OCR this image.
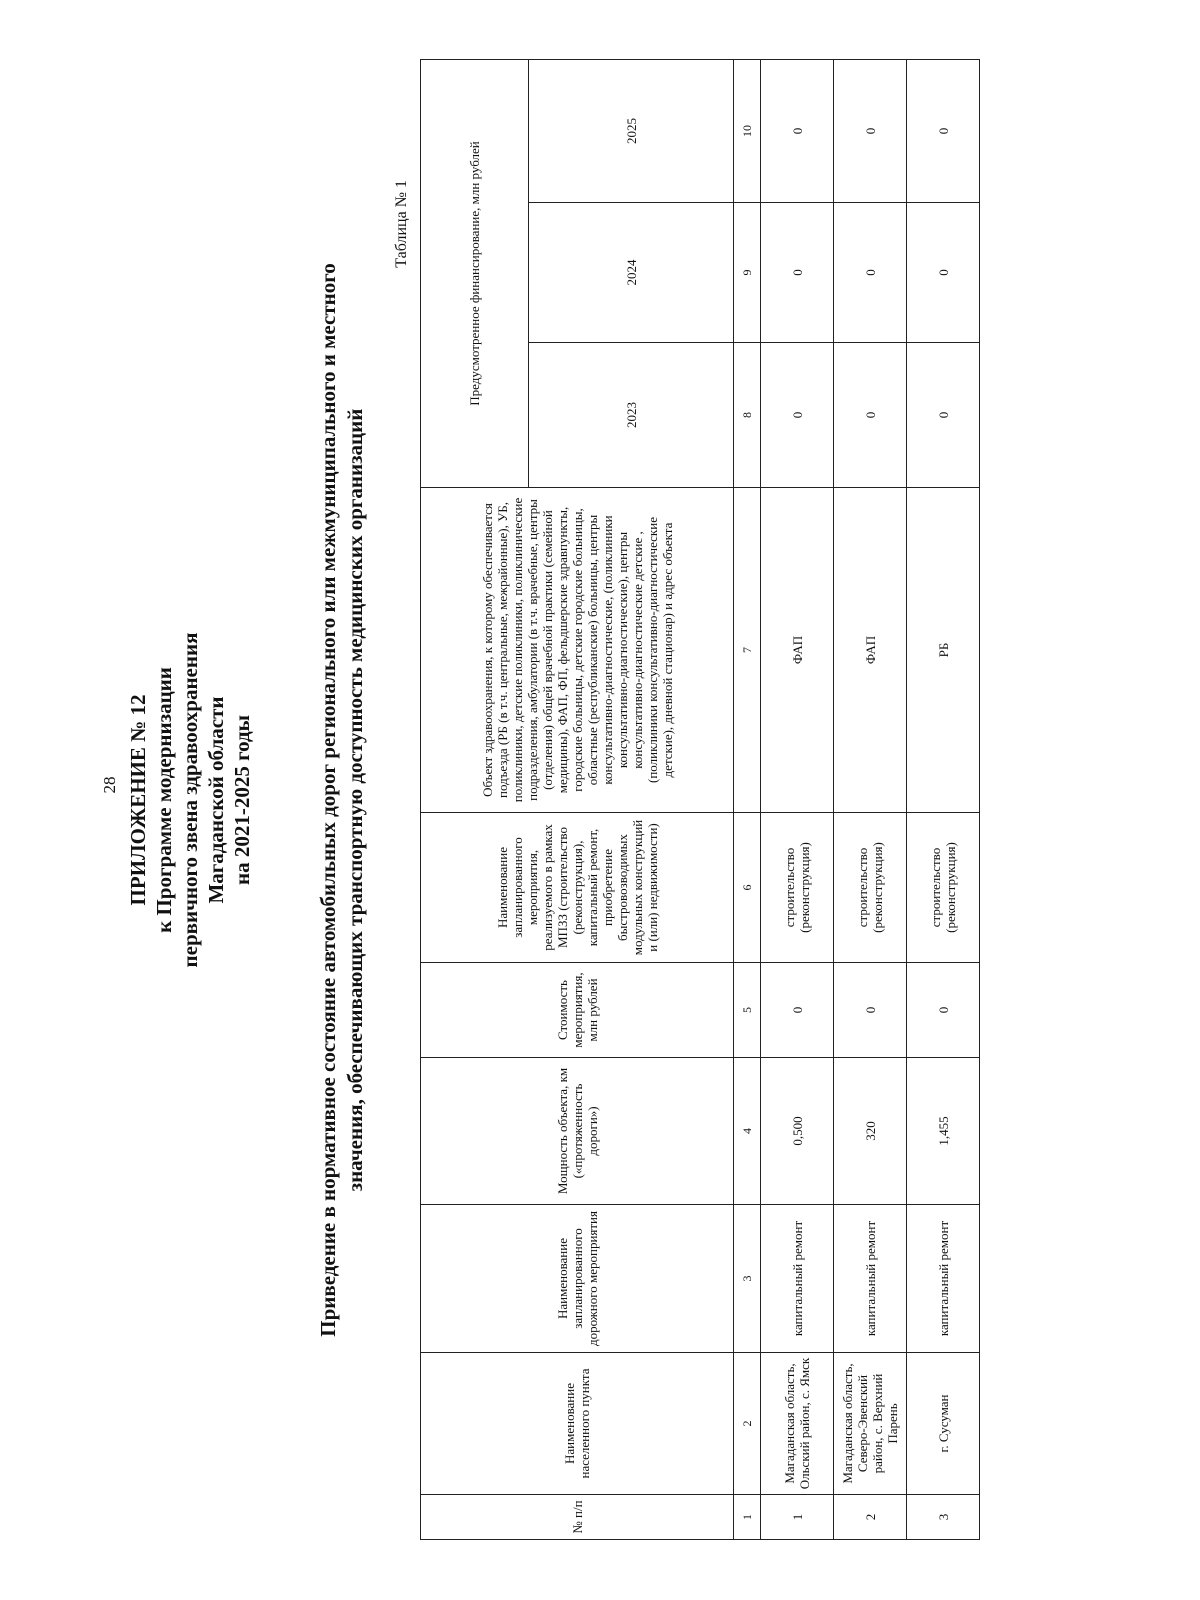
28 ПРИЛОЖЕНИЕ № 12 к Программе модернизации первичного звена здравоохранения Магаданской области на 2021-2025 годы	Приведение в нормативное состояние автомобильных дорог регионального или межмуниципального и местного значения, обеспечивающих транспортную доступность медицинских организаций
Таблица № 1
№ п/п	Наименование населенного пункта	Наименование запланированного дорожного мероприятия	Мощность объекта, км («протяженность дороги»)	Стоимость мероприятия, млн рублей	Наименование запланированного мероприятия, реализуемого в рамках МПЗЗ (строительство (реконструкция), капитальный ремонт, приобретение быстровозводимых модульных конструкций и (или) недвижимости)	Объект здравоохранения, к которому обеспечивается подъезда (РБ (в т.ч. центральные, межрайонные), УБ, поликлиники, детские поликлиники, поликлинические подразделения, амбулатории (в т.ч. врачебные, центры (отделения) общей врачебной практики (семейной медицины), ФАП, ФП, фельдшерские здравпункты, городские больницы, детские городские больницы, областные (республиканские) больницы, центры консультативно-диагностические, (поликлиники консультативно-диагностические), центры консультативно-диагностические детские , (поликлиники консультативно-диагностические детские), дневной стационар) и адрес объекта	Предусмотренное финансирование, млн рублей		
							2023	2024	2025
1	2	3	4	5	6	7	8	9	10
1	Магаданская область, Ольский район, с. Ямск	капитальный ремонт	0,500	0	строительство (реконструкция)	ФАП	0	0	0
2	Магаданская область, Северо-Эвенский район, с. Верхний Парень	капитальный ремонт	320	0	строительство (реконструкция)	ФАП	0	0	0
3	г. Сусуман	капитальный ремонт	1,455	0	строительство (реконструкция)	РБ	0	0	0
